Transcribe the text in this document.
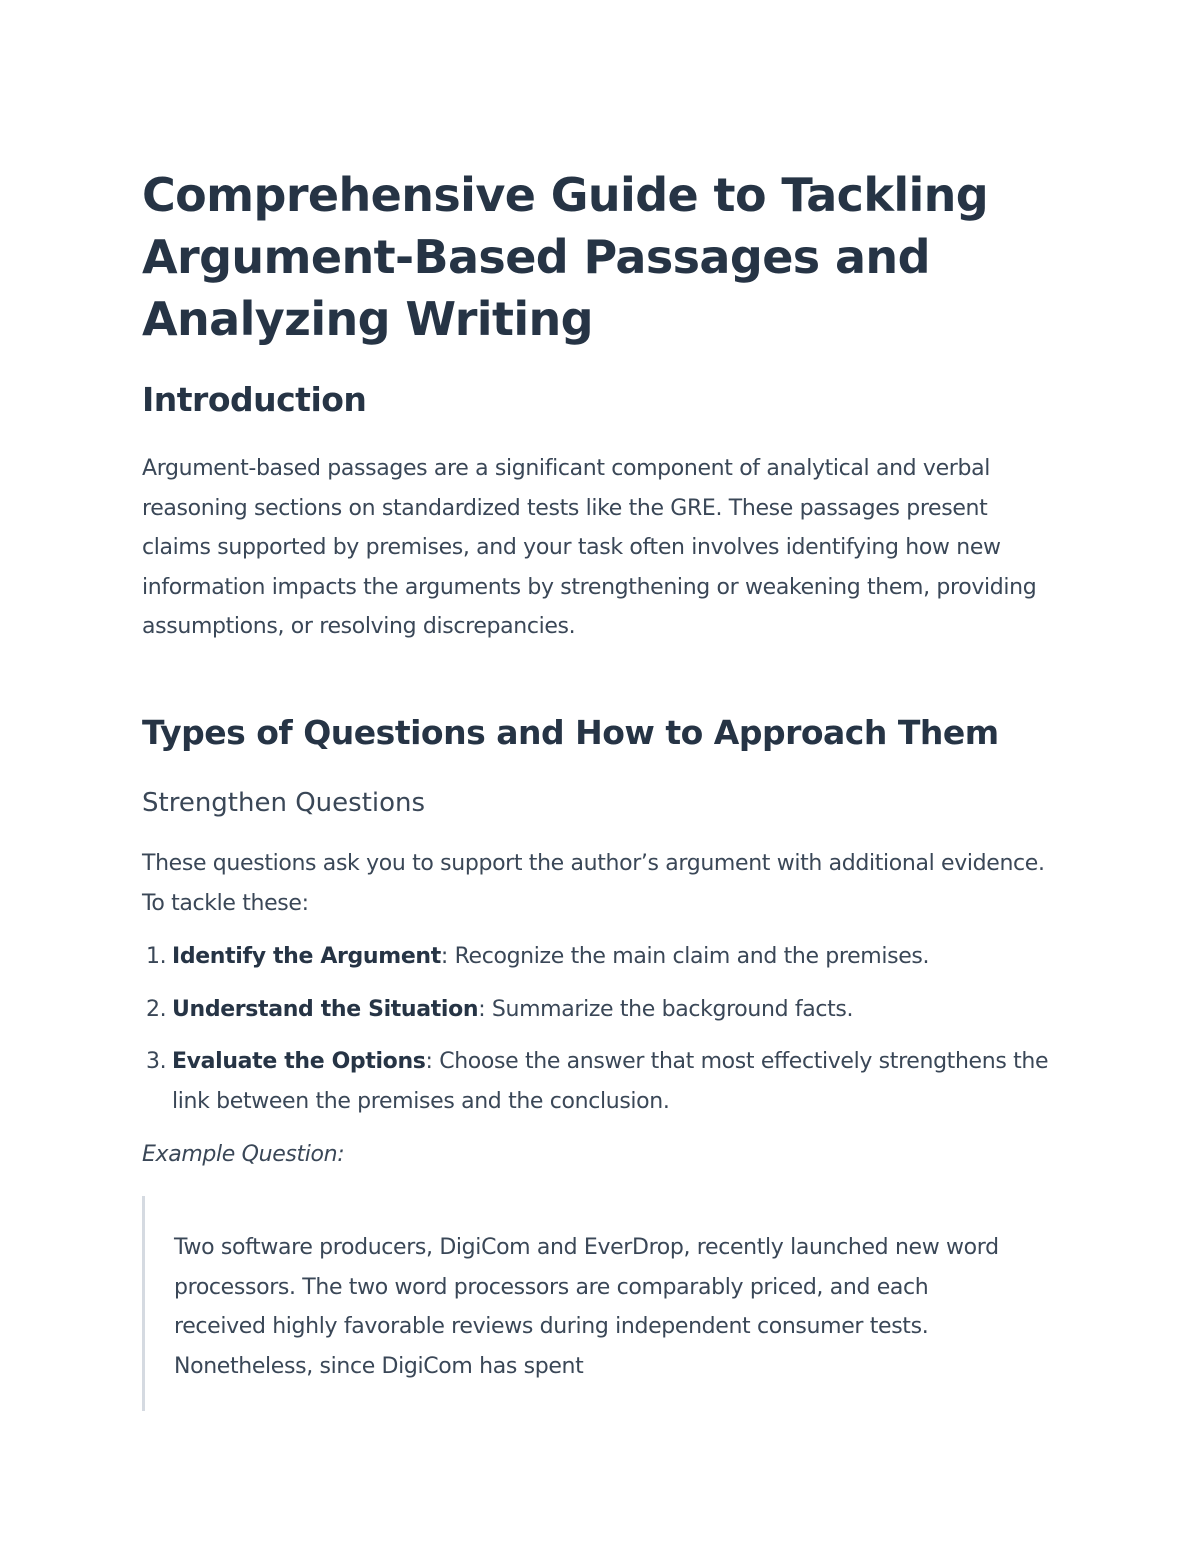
Comprehensive Guide to Tackling Argument-Based Passages and Analyzing Writing
Introduction

Argument-based passages are a significant component of analytical and verbal reasoning sections on standardized tests like the GRE. These passages present claims supported by premises, and your task often involves identifying how new information impacts the arguments by strengthening or weakening them, providing assumptions, or resolving discrepancies.

Types of Questions and How to Approach Them
Strengthen Questions

These questions ask you to support the author’s argument with additional evidence. To tackle these:

1. Identify the Argument: Recognize the main claim and the premises.
2. Understand the Situation: Summarize the background facts.
3. Evaluate the Options: Choose the answer that most effectively strengthens the link between the premises and the conclusion.

Example Question:

Two software producers, DigiCom and EverDrop, recently launched new word processors. The two word processors are comparably priced, and each received highly favorable reviews during independent consumer tests. Nonetheless, since DigiCom has spent
